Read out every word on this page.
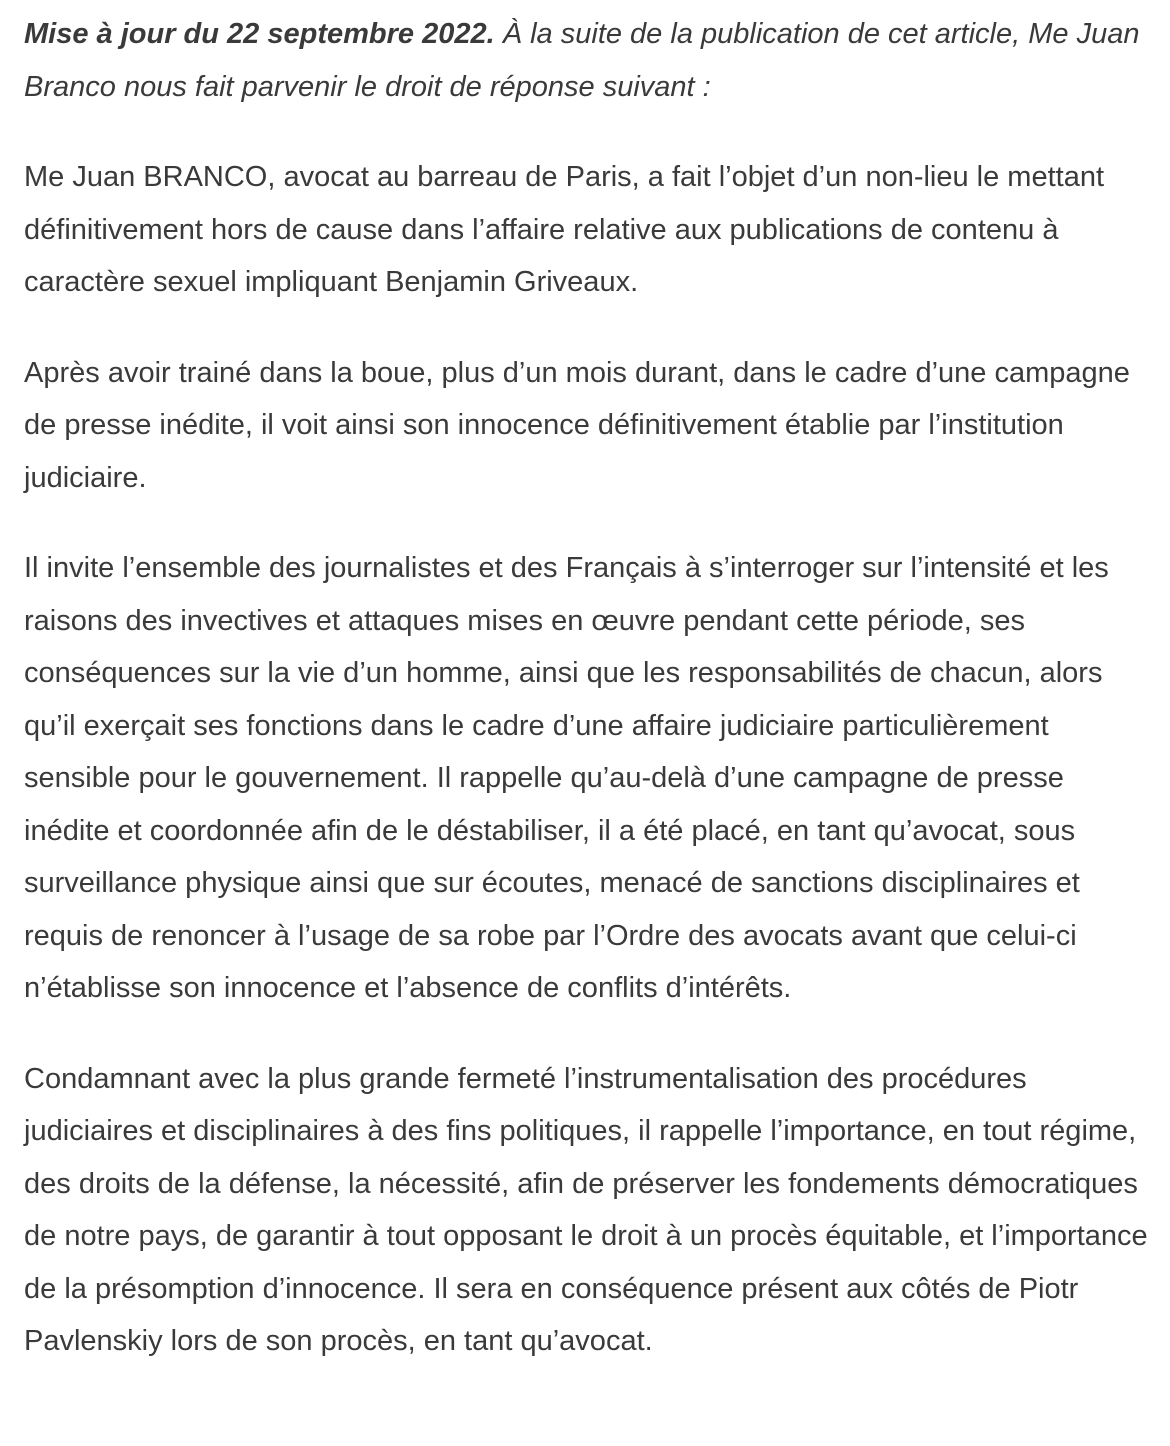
Mise à jour du 22 septembre 2022. À la suite de la publication de cet article, Me Juan Branco nous fait parvenir le droit de réponse suivant :

Me Juan BRANCO, avocat au barreau de Paris, a fait l’objet d’un non-lieu le mettant définitivement hors de cause dans l’affaire relative aux publications de contenu à caractère sexuel impliquant Benjamin Griveaux.

Après avoir trainé dans la boue, plus d’un mois durant, dans le cadre d’une campagne de presse inédite, il voit ainsi son innocence définitivement établie par l’institution judiciaire.

Il invite l’ensemble des journalistes et des Français à s’interroger sur l’intensité et les raisons des invectives et attaques mises en œuvre pendant cette période, ses conséquences sur la vie d’un homme, ainsi que les responsabilités de chacun, alors qu’il exerçait ses fonctions dans le cadre d’une affaire judiciaire particulièrement sensible pour le gouvernement. Il rappelle qu’au-delà d’une campagne de presse inédite et coordonnée afin de le déstabiliser, il a été placé, en tant qu’avocat, sous surveillance physique ainsi que sur écoutes, menacé de sanctions disciplinaires et requis de renoncer à l’usage de sa robe par l’Ordre des avocats avant que celui-ci n’établisse son innocence et l’absence de conflits d’intérêts.

Condamnant avec la plus grande fermeté l’instrumentalisation des procédures judiciaires et disciplinaires à des fins politiques, il rappelle l’importance, en tout régime, des droits de la défense, la nécessité, afin de préserver les fondements démocratiques de notre pays, de garantir à tout opposant le droit à un procès équitable, et l’importance de la présomption d’innocence. Il sera en conséquence présent aux côtés de Piotr Pavlenskiy lors de son procès, en tant qu’avocat.
